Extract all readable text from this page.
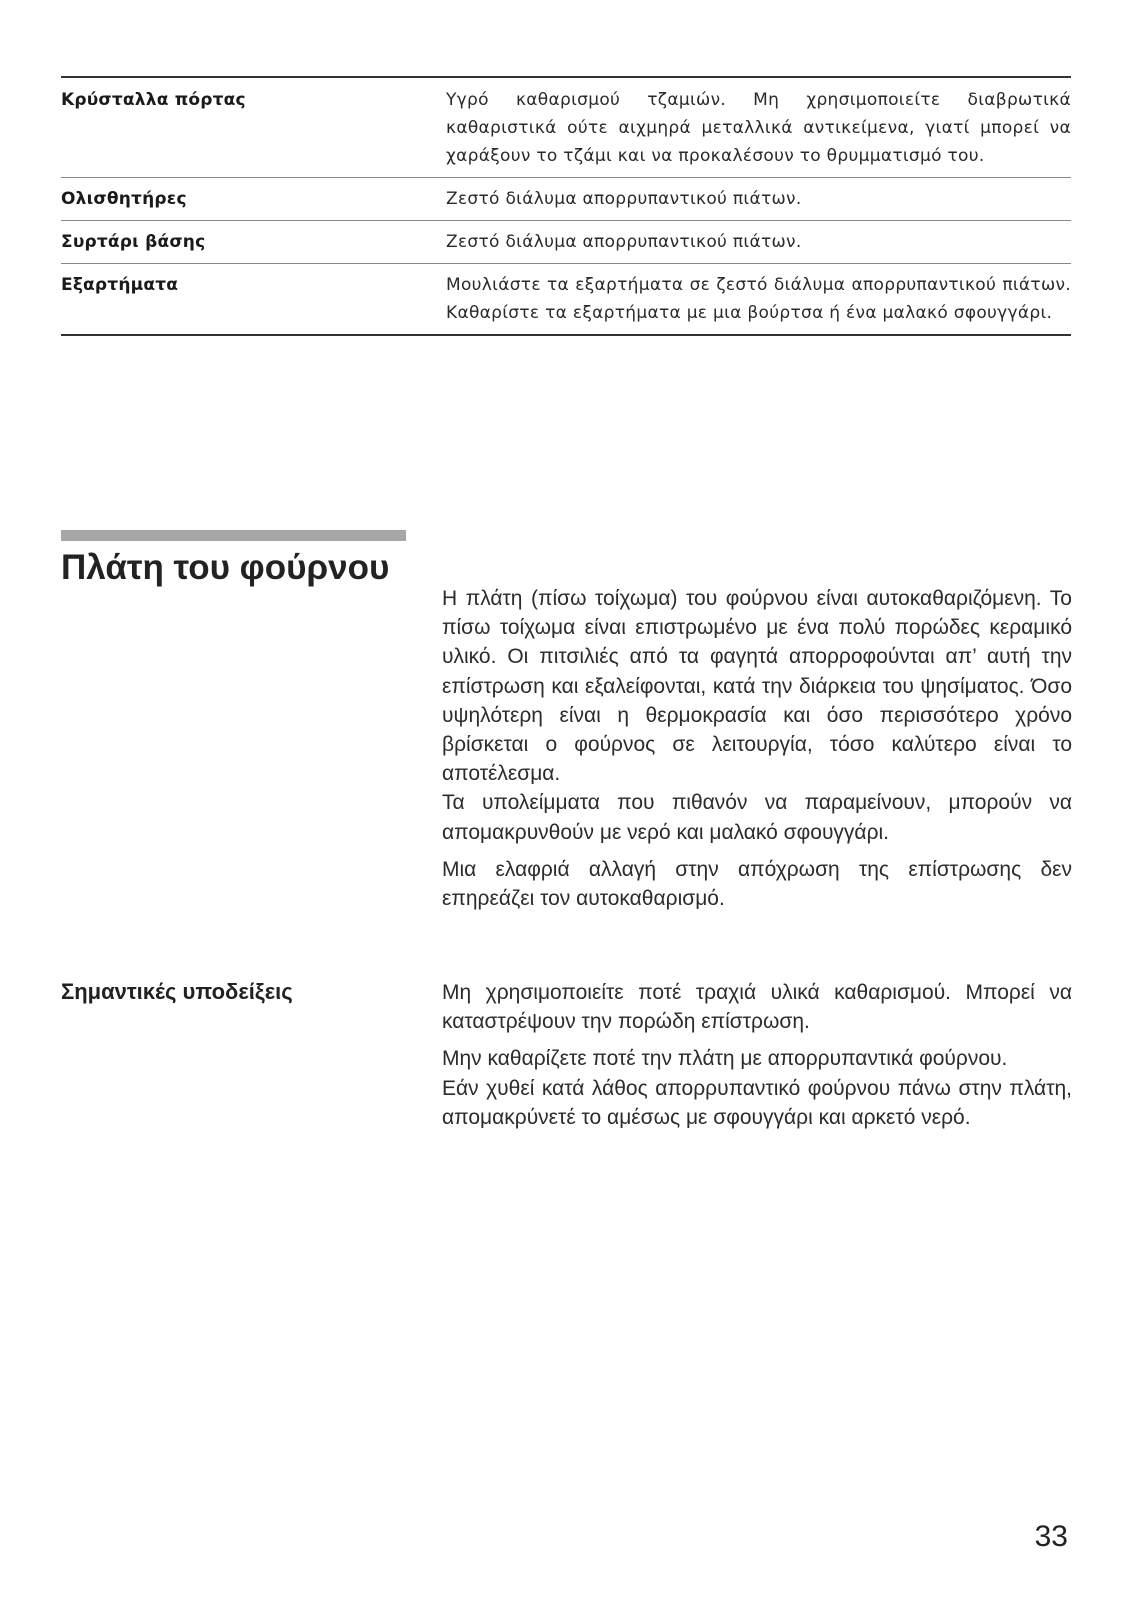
Κρύσταλλα πόρτας	Υγρό καθαρισμού τζαμιών. Μη χρησιμοποιείτε διαβρωτικά καθαριστικά ούτε αιχμηρά μεταλλικά αντικείμενα, γιατί μπορεί να χαράξουν το τζάμι και να προκαλέσουν το θρυμματισμό του.
Ολισθητήρες	Ζεστό διάλυμα απορρυπαντικού πιάτων.
Συρτάρι βάσης	Ζεστό διάλυμα απορρυπαντικού πιάτων.
Εξαρτήματα	Μουλιάστε τα εξαρτήματα σε ζεστό διάλυμα απορρυπαντικού πιάτων. Καθαρίστε τα εξαρτήματα με μια βούρτσα ή ένα μαλακό σφουγγάρι.
Πλάτη του φούρνου

Η πλάτη (πίσω τοίχωμα) του φούρνου είναι αυτοκαθαριζόμενη. Το πίσω τοίχωμα είναι επιστρωμένο με ένα πολύ πορώδες κεραμικό υλικό. Οι πιτσιλιές από τα φαγητά απορροφούνται απ’ αυτή την επίστρωση και εξαλείφονται, κατά την διάρκεια του ψησίματος. Όσο υψηλότερη είναι η θερμοκρασία και όσο περισσότερο χρόνο βρίσκεται ο φούρνος σε λειτουργία, τόσο καλύτερο είναι το αποτέλεσμα.

Τα υπολείμματα που πιθανόν να παραμείνουν, μπορούν να απομακρυνθούν με νερό και μαλακό σφουγγάρι.

Μια ελαφριά αλλαγή στην απόχρωση της επίστρωσης δεν επηρεάζει τον αυτοκαθαρισμό.

Σημαντικές υποδείξεις	Μη χρησιμοποιείτε ποτέ τραχιά υλικά καθαρισμού. Μπορεί να καταστρέψουν την πορώδη επίστρωση.

Μην καθαρίζετε ποτέ την πλάτη με απορρυπαντικά φούρνου.

Εάν χυθεί κατά λάθος απορρυπαντικό φούρνου πάνω στην πλάτη, απομακρύνετέ το αμέσως με σφουγγάρι και αρκετό νερό.

33
